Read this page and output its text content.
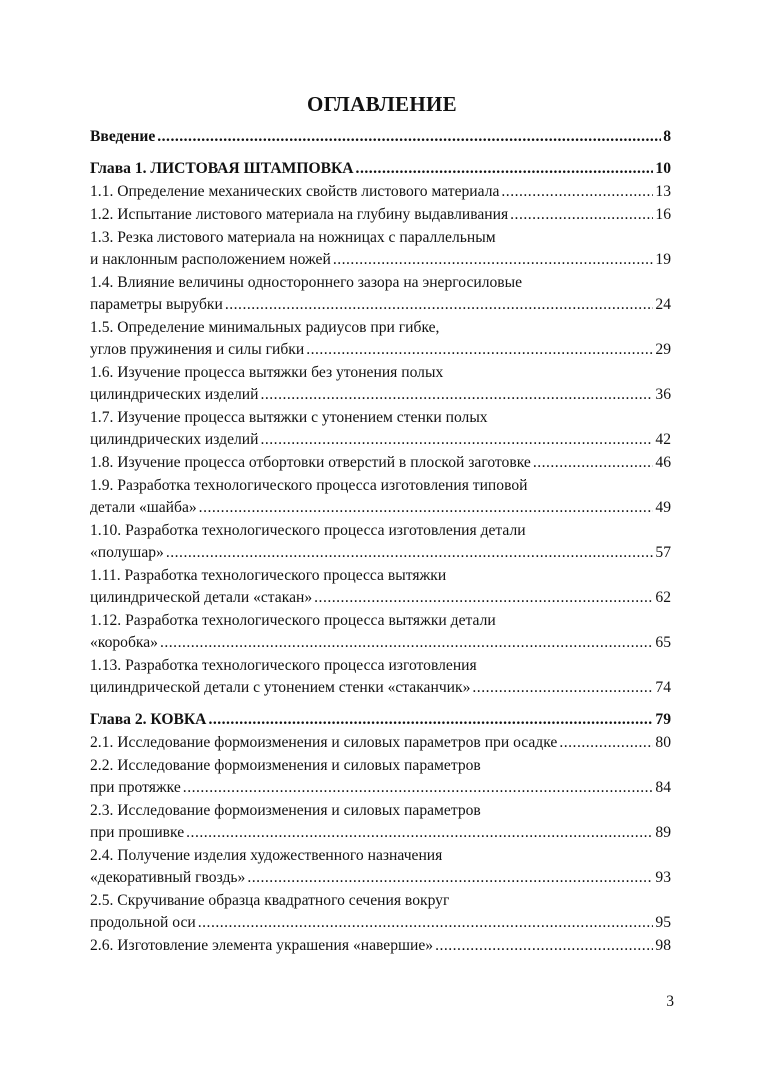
ОГЛАВЛЕНИЕ
Введение .....	8
Глава 1. ЛИСТОВАЯ ШТАМПОВКА .....	10
1.1. Определение механических свойств листового материала .....	13
1.2. Испытание листового материала на глубину выдавливания .....	16
1.3. Резка листового материала на ножницах с параллельным
и наклонным расположением ножей .....	19
1.4. Влияние величины одностороннего зазора на энергосиловые
параметры вырубки .....	24
1.5. Определение минимальных радиусов при гибке,
углов пружинения и силы гибки .....	29
1.6. Изучение процесса вытяжки без утонения полых
цилиндрических изделий .....	36
1.7. Изучение процесса вытяжки с утонением стенки полых
цилиндрических изделий .....	42
1.8. Изучение процесса отбортовки отверстий в плоской заготовке .....	46
1.9. Разработка технологического процесса изготовления типовой
детали «шайба» .....	49
1.10. Разработка технологического процесса изготовления детали
«полушар» .....	57
1.11. Разработка технологического процесса вытяжки
цилиндрической детали «стакан» .....	62
1.12. Разработка технологического процесса вытяжки детали
«коробка» .....	65
1.13. Разработка технологического процесса изготовления
цилиндрической детали с утонением стенки «стаканчик» .....	74
Глава 2. КОВКА .....	79
2.1. Исследование формоизменения и силовых параметров при осадке .....	80
2.2. Исследование формоизменения и силовых параметров
при протяжке .....	84
2.3. Исследование формоизменения и силовых параметров
при прошивке .....	89
2.4. Получение изделия художественного назначения
«декоративный гвоздь» .....	93
2.5. Скручивание образца квадратного сечения вокруг
продольной оси .....	95
2.6. Изготовление элемента украшения «навершие» .....	98
3
